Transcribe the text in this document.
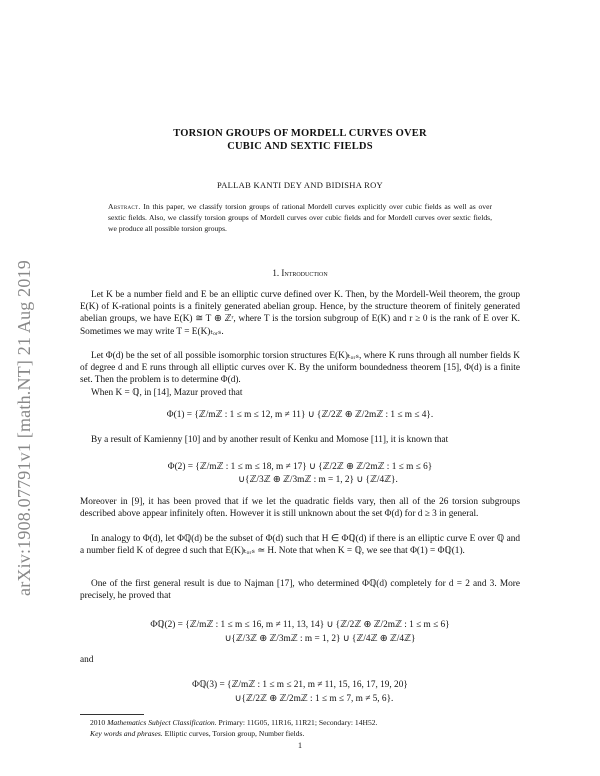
arXiv:1908.07791v1 [math.NT] 21 Aug 2019
TORSION GROUPS OF MORDELL CURVES OVER
CUBIC AND SEXTIC FIELDS
PALLAB KANTI DEY AND BIDISHA ROY
Abstract. In this paper, we classify torsion groups of rational Mordell curves explicitly over cubic fields as well as over sextic fields. Also, we classify torsion groups of Mordell curves over cubic fields and for Mordell curves over sextic fields, we produce all possible torsion groups.
1. Introduction
Let K be a number field and E be an elliptic curve defined over K. Then, by the Mordell-Weil theorem, the group E(K) of K-rational points is a finitely generated abelian group. Hence, by the structure theorem of finitely generated abelian groups, we have E(K) ≅ T ⊕ ℤʳ, where T is the torsion subgroup of E(K) and r ≥ 0 is the rank of E over K. Sometimes we may write T = E(K)ₜₒᵣₛ.
Let Φ(d) be the set of all possible isomorphic torsion structures E(K)ₜₒᵣₛ, where K runs through all number fields K of degree d and E runs through all elliptic curves over K. By the uniform boundedness theorem [15], Φ(d) is a finite set. Then the problem is to determine Φ(d).
When K = ℚ, in [14], Mazur proved that
Φ(1) = {ℤ/mℤ : 1 ≤ m ≤ 12, m ≠ 11} ∪ {ℤ/2ℤ ⊕ ℤ/2mℤ : 1 ≤ m ≤ 4}.
By a result of Kamienny [10] and by another result of Kenku and Momose [11], it is known that
Φ(2) = {ℤ/mℤ : 1 ≤ m ≤ 18, m ≠ 17} ∪ {ℤ/2ℤ ⊕ ℤ/2mℤ : 1 ≤ m ≤ 6}
∪{ℤ/3ℤ ⊕ ℤ/3mℤ : m = 1, 2} ∪ {ℤ/4ℤ}.
Moreover in [9], it has been proved that if we let the quadratic fields vary, then all of the 26 torsion subgroups described above appear infinitely often. However it is still unknown about the set Φ(d) for d ≥ 3 in general.
In analogy to Φ(d), let Φℚ(d) be the subset of Φ(d) such that H ∈ Φℚ(d) if there is an elliptic curve E over ℚ and a number field K of degree d such that E(K)ₜₒᵣₛ ≃ H. Note that when K = ℚ, we see that Φ(1) = Φℚ(1).
One of the first general result is due to Najman [17], who determined Φℚ(d) completely for d = 2 and 3. More precisely, he proved that
Φℚ(2) = {ℤ/mℤ : 1 ≤ m ≤ 16, m ≠ 11, 13, 14} ∪ {ℤ/2ℤ ⊕ ℤ/2mℤ : 1 ≤ m ≤ 6}
∪{ℤ/3ℤ ⊕ ℤ/3mℤ : m = 1, 2} ∪ {ℤ/4ℤ ⊕ ℤ/4ℤ}
and
Φℚ(3) = {ℤ/mℤ : 1 ≤ m ≤ 21, m ≠ 11, 15, 16, 17, 19, 20}
∪{ℤ/2ℤ ⊕ ℤ/2mℤ : 1 ≤ m ≤ 7, m ≠ 5, 6}.
2010 Mathematics Subject Classification. Primary: 11G05, 11R16, 11R21; Secondary: 14H52.
Key words and phrases. Elliptic curves, Torsion group, Number fields.
1
